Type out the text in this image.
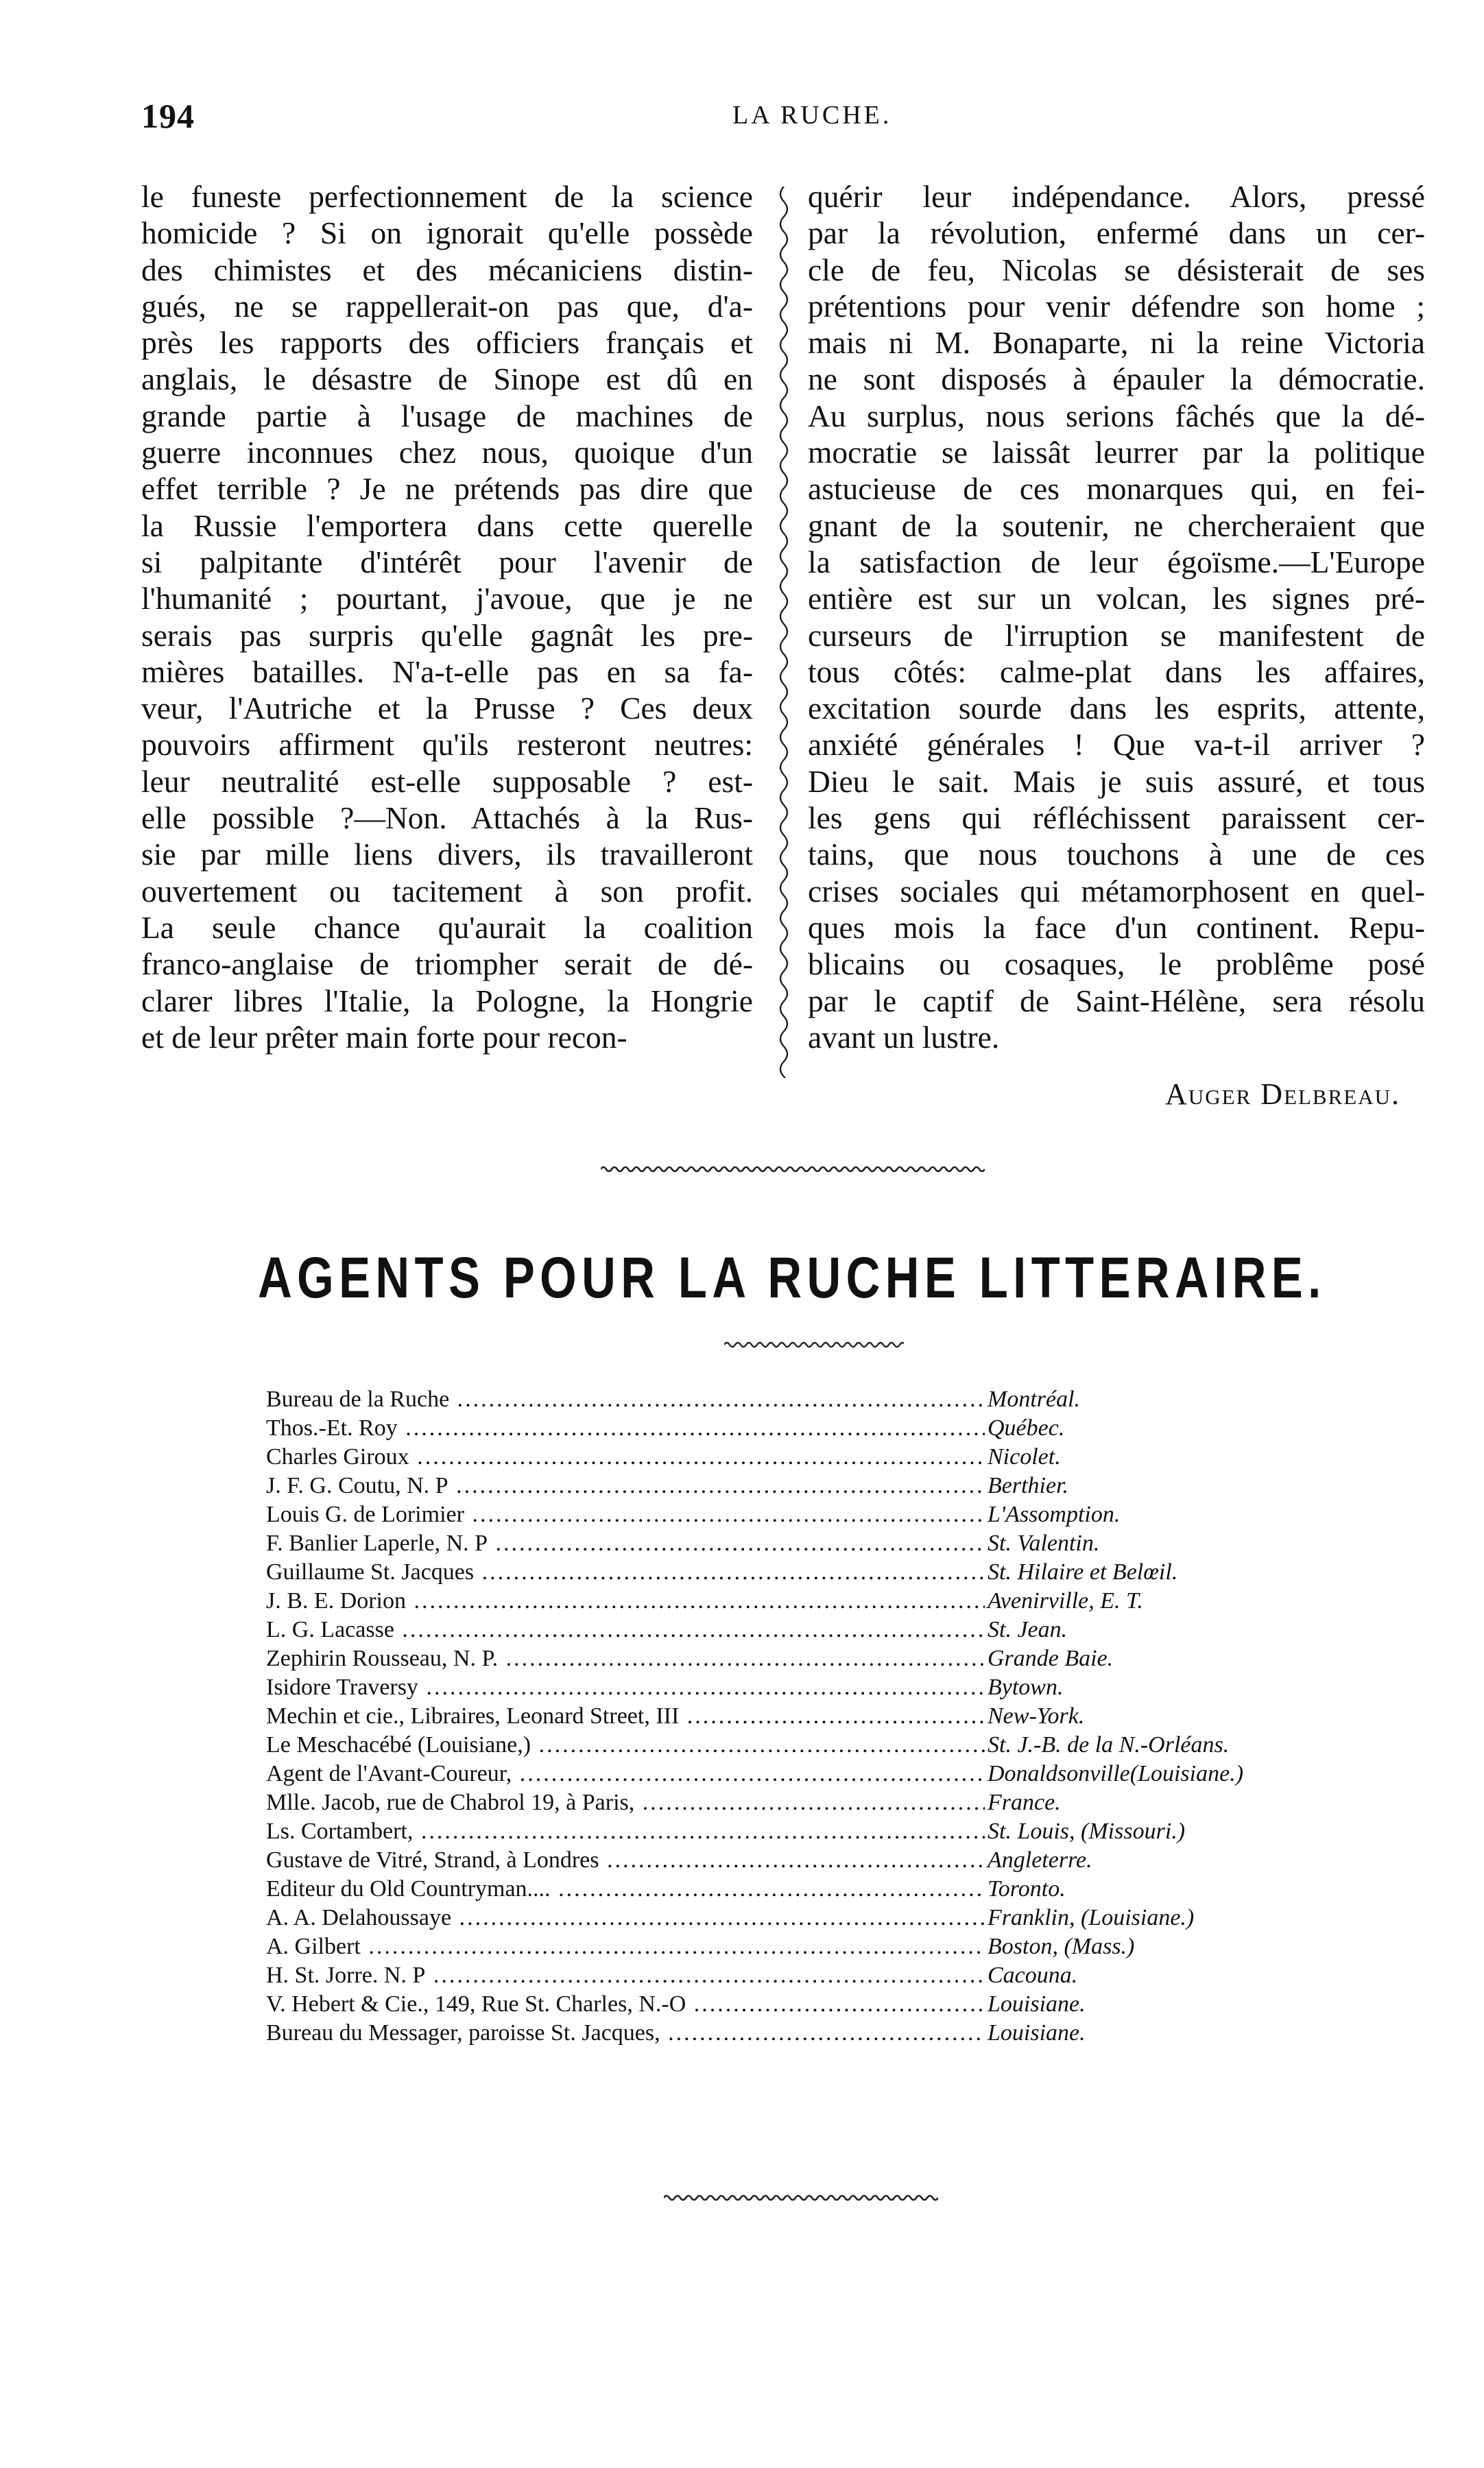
194	LA RUCHE.
le funeste perfectionnement de la science
homicide ? Si on ignorait qu'elle possède
des chimistes et des mécaniciens distin-
gués, ne se rappellerait-on pas que, d'a-
près les rapports des officiers français et
anglais, le désastre de Sinope est dû en
grande partie à l'usage de machines de
guerre inconnues chez nous, quoique d'un
effet terrible ? Je ne prétends pas dire que
la Russie l'emportera dans cette querelle
si palpitante d'intérêt pour l'avenir de
l'humanité ; pourtant, j'avoue, que je ne
serais pas surpris qu'elle gagnât les pre-
mières batailles. N'a-t-elle pas en sa fa-
veur, l'Autriche et la Prusse ? Ces deux
pouvoirs affirment qu'ils resteront neutres:
leur neutralité est-elle supposable ? est-
elle possible ?—Non. Attachés à la Rus-
sie par mille liens divers, ils travailleront
ouvertement ou tacitement à son profit.
La seule chance qu'aurait la coalition
franco-anglaise de triompher serait de dé-
clarer libres l'Italie, la Pologne, la Hongrie
et de leur prêter main forte pour recon-
quérir leur indépendance. Alors, pressé
par la révolution, enfermé dans un cer-
cle de feu, Nicolas se désisterait de ses
prétentions pour venir défendre son home ;
mais ni M. Bonaparte, ni la reine Victoria
ne sont disposés à épauler la démocratie.
Au surplus, nous serions fâchés que la dé-
mocratie se laissât leurrer par la politique
astucieuse de ces monarques qui, en fei-
gnant de la soutenir, ne chercheraient que
la satisfaction de leur égoïsme.—L'Europe
entière est sur un volcan, les signes pré-
curseurs de l'irruption se manifestent de
tous côtés: calme-plat dans les affaires,
excitation sourde dans les esprits, attente,
anxiété générales ! Que va-t-il arriver ?
Dieu le sait. Mais je suis assuré, et tous
les gens qui réfléchissent paraissent cer-
tains, que nous touchons à une de ces
crises sociales qui métamorphosent en quel-
ques mois la face d'un continent. Repu-
blicains ou cosaques, le problême posé
par le captif de Saint-Hélène, sera résolu
avant un lustre.
Auger Delbreau.
AGENTS POUR LA RUCHE LITTERAIRE.
Bureau de la Ruche .....	Montréal.
Thos.-Et. Roy .....	Québec.
Charles Giroux .....	Nicolet.
J. F. G. Coutu, N. P .....	Berthier.
Louis G. de Lorimier .....	L'Assomption.
F. Banlier Laperle, N. P .....	St. Valentin.
Guillaume St. Jacques .....	St. Hilaire et Belœil.
J. B. E. Dorion .....	Avenirville, E. T.
L. G. Lacasse .....	St. Jean.
Zephirin Rousseau, N. P. .....	Grande Baie.
Isidore Traversy .....	Bytown.
Mechin et cie., Libraires, Leonard Street, III .....	New-York.
Le Meschacébé (Louisiane,) .....	St. J.-B. de la N.-Orléans.
Agent de l'Avant-Coureur, .....	Donaldsonville(Louisiane.)
Mlle. Jacob, rue de Chabrol 19, à Paris, .....	France.
Ls. Cortambert, .....	St. Louis, (Missouri.)
Gustave de Vitré, Strand, à Londres .....	Angleterre.
Editeur du Old Countryman.... .....	Toronto.
A. A. Delahoussaye .....	Franklin, (Louisiane.)
A. Gilbert .....	Boston, (Mass.)
H. St. Jorre. N. P .....	Cacouna.
V. Hebert & Cie., 149, Rue St. Charles, N.-O .....	Louisiane.
Bureau du Messager, paroisse St. Jacques, .....	Louisiane.
